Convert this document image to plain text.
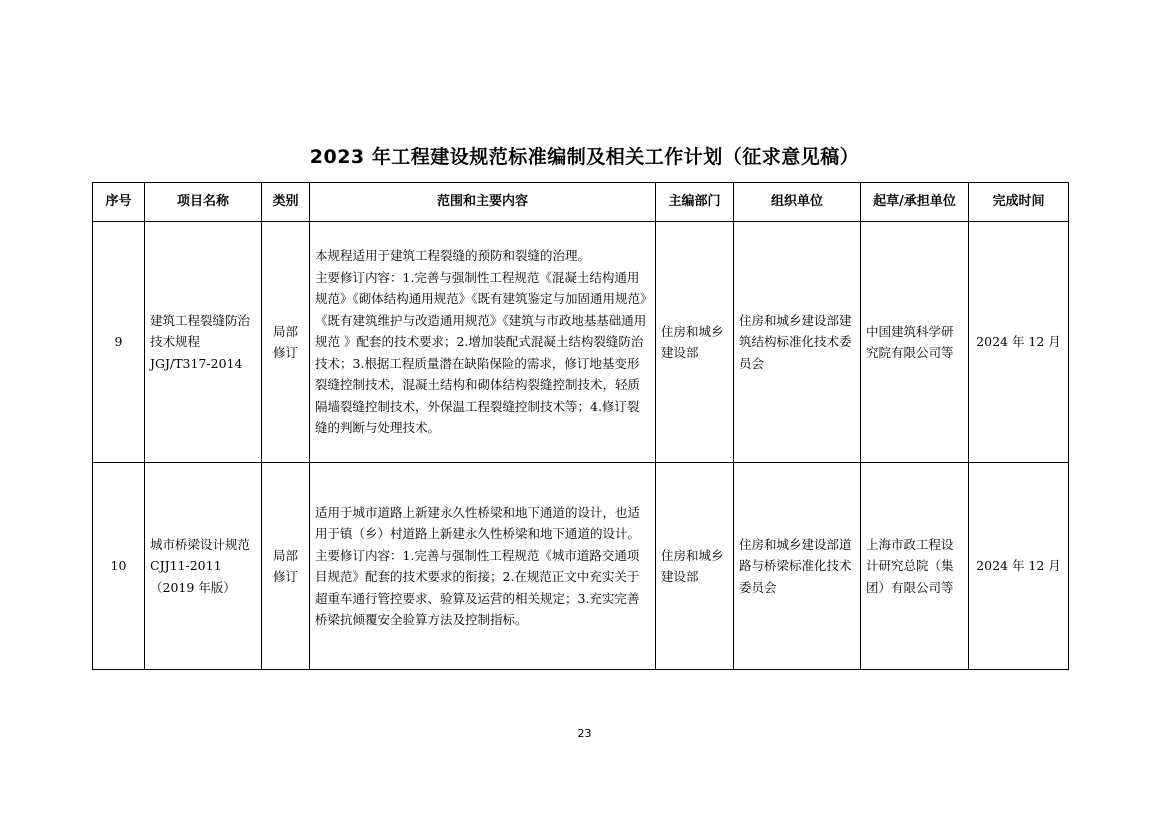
2023 年工程建设规范标准编制及相关工作计划（征求意见稿）
序号	项目名称	类别	范围和主要内容	主编部门	组织单位	起草/承担单位	完成时间
9	建筑工程裂缝防治技术规程 JGJ/T317-2014	局部修订	本规程适用于建筑工程裂缝的预防和裂缝的治理。
主要修订内容：1.完善与强制性工程规范《混凝土结构通用规范》《砌体结构通用规范》《既有建筑鉴定与加固通用规范》《既有建筑维护与改造通用规范》《建筑与市政地基基础通用规范 》配套的技术要求；2.增加装配式混凝土结构裂缝防治技术；3.根据工程质量潜在缺陷保险的需求，修订地基变形裂缝控制技术，混凝土结构和砌体结构裂缝控制技术，轻质隔墙裂缝控制技术，外保温工程裂缝控制技术等；4.修订裂缝的判断与处理技术。	住房和城乡建设部	住房和城乡建设部建筑结构标准化技术委员会	中国建筑科学研究院有限公司等	2024 年 12 月
10	城市桥梁设计规范 CJJ11-2011（2019 年版）	局部修订	适用于城市道路上新建永久性桥梁和地下通道的设计，也适用于镇（乡）村道路上新建永久性桥梁和地下通道的设计。
主要修订内容：1.完善与强制性工程规范《城市道路交通项目规范》配套的技术要求的衔接；2.在规范正文中充实关于超重车通行管控要求、验算及运营的相关规定；3.充实完善桥梁抗倾覆安全验算方法及控制指标。	住房和城乡建设部	住房和城乡建设部道路与桥梁标准化技术委员会	上海市政工程设计研究总院（集团）有限公司等	2024 年 12 月
23
